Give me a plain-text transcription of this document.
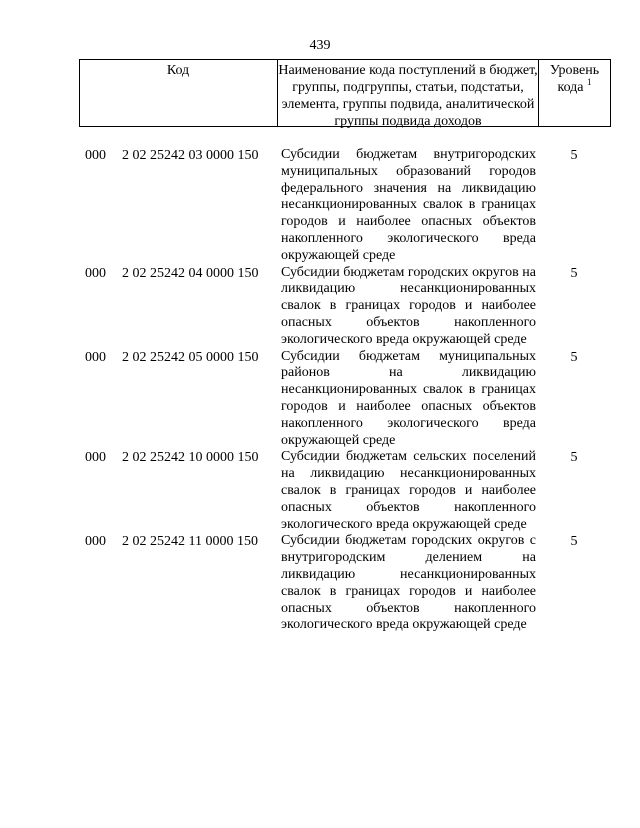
439
Код	Наименование кода поступлений в бюджет, группы, подгруппы, статьи, подстатьи, элемента, группы подвида, аналитической группы подвида доходов
Уровень кода $^1$
000 2 02 25242 03 0000 150 Субсидии бюджетам внутригородских муниципальных образований городов федерального значения на ликвидацию несанкционированных свалок в границах городов и наиболее опасных объектов накопленного экологического вреда окружающей среде
5
000 2 02 25242 04 0000 150 Субсидии бюджетам городских округов на ликвидацию несанкционированных свалок в границах городов и наиболее опасных объектов накопленного экологического вреда окружающей среде
5
000 2 02 25242 05 0000 150 Субсидии бюджетам муниципальных районов на ликвидацию несанкционированных свалок в границах городов и наиболее опасных объектов накопленного экологического вреда окружающей среде
5
000 2 02 25242 10 0000 150 Субсидии бюджетам сельских поселений на ликвидацию несанкционированных свалок в границах городов и наиболее опасных объектов накопленного экологического вреда окружающей среде
5
000 2 02 25242 11 0000 150 Субсидии бюджетам городских округов с внутригородским делением на ликвидацию несанкционированных свалок в границах городов и наиболее опасных объектов накопленного экологического вреда окружающей среде
5
